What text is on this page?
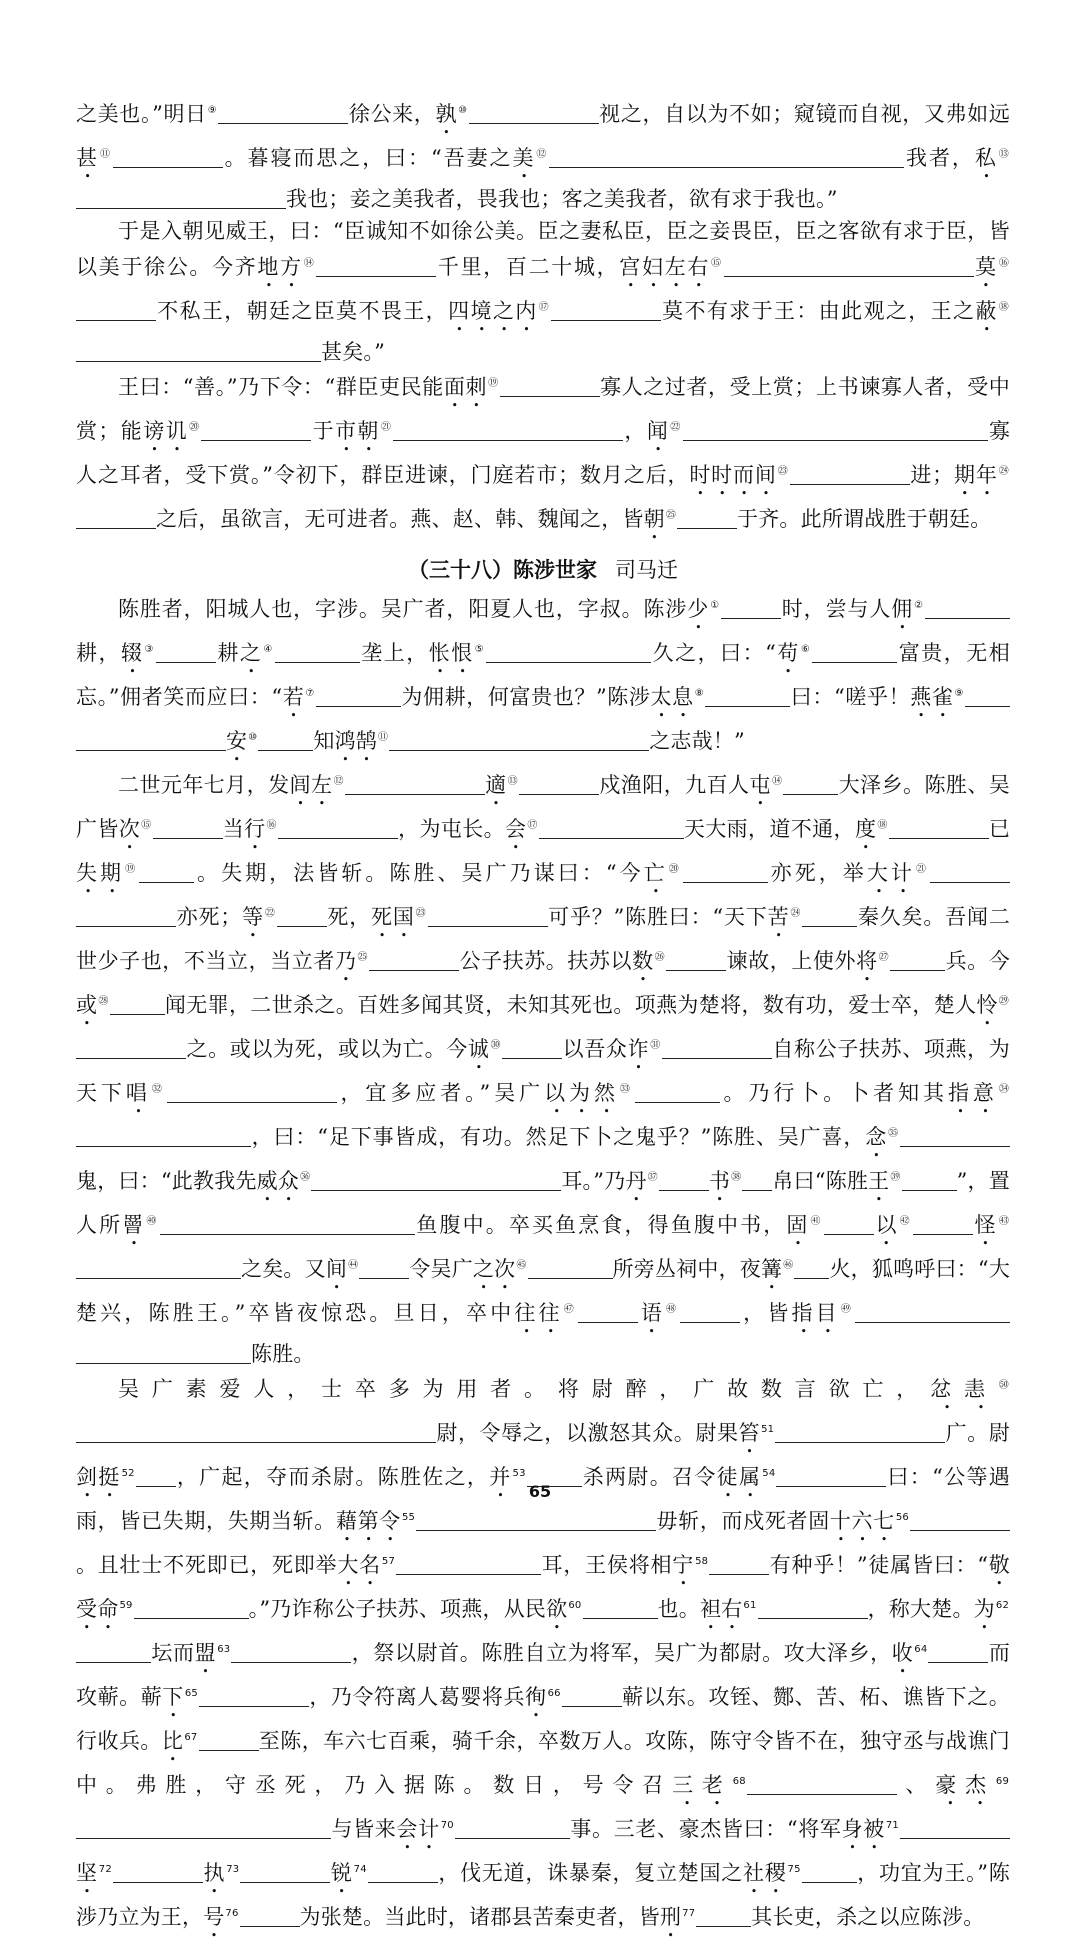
之美也。”明日⑨	徐公来，孰⑩	视之，自以为不如；窥镜而自视，又弗如远甚⑪	。暮寝而思之，曰：“吾妻之美⑫	我者，私⑬我也；妾之美我者，畏我也；客之美我者，欲有求于我也。”

于是入朝见威王，曰：“臣诚知不如徐公美。臣之妻私臣，臣之妾畏臣，臣之客欲有求于臣，皆以美于徐公。今齐地方⑭	千里，百二十城，宫妇左右⑮	莫⑯不私王，朝廷之臣莫不畏王，四境之内⑰	莫不有求于王：由此观之，王之蔽⑱甚矣。”

王曰：“善。”乃下令：“群臣吏民能面刺⑲	寡人之过者，受上赏；上书谏寡人者，受中赏；能谤讥⑳	于市朝$^㉑$	，闻$^㉒$	寡人之耳者，受下赏。”令初下，群臣进谏，门庭若市；数月之后，时时而间$^㉓$	进；期年$^㉔$之后，虽欲言，无可进者。燕、赵、韩、魏闻之，皆朝$^㉕$	于齐。此所谓战胜于朝廷。

（三十八）陈涉世家 司马迁

陈胜者，阳城人也，字涉。吴广者，阳夏人也，字叔。陈涉少①	时，尝与人佣②耕，辍③	耕之④	垄上，怅恨⑤	久之，曰：“苟⑥	富贵，无相忘。”佣者笑而应曰：“若⑦	为佣耕，何富贵也？”陈涉太息⑧	曰：“嗟乎！燕雀⑨安⑩	知鸿鹄⑪	之志哉！”

二世元年七月，发闾左⑫	適⑬	戍渔阳，九百人屯⑭	大泽乡。陈胜、吴广皆次⑮	当行⑯	，为屯长。会⑰	天大雨，道不通，度⑱	已失期⑲	。失期，法皆斩。陈胜、吴广乃谋曰：“今亡⑳	亦死，举大计$^㉑$亦死；等$^㉒$ 死，死国$^㉓$	可乎？”陈胜曰：“天下苦$^㉔$	秦久矣。吾闻二世少子也，不当立，当立者乃$^㉕$	公子扶苏。扶苏以数$^㉖$	谏故，上使外将$^㉗$	兵。今或$^㉘$	闻无罪，二世杀之。百姓多闻其贤，未知其死也。项燕为楚将，数有功，爱士卒，楚人怜$^㉙$之。或以为死，或以为亡。今诚$^㉚$	以吾众诈$^㉛$	自称公子扶苏、项燕，为天下唱$^㉜$	，宜多应者。”吴广以为然$^㉝$	。乃行卜。卜者知其指意$^㉞$，曰：“足下事皆成，有功。然足下卜之鬼乎？”陈胜、吴广喜，念$^㉟$鬼，曰：“此教我先威众$^㊱$	耳。”乃丹$^㊲$ 书$^㊳$ 帛曰“陈胜王$^㊴$	”，置人所罾$^㊵$	鱼腹中。卒买鱼烹食，得鱼腹中书，固$^㊶$ 以$^㊷$	怪$^㊸$之矣。又间$^㊹$ 令吴广之次$^㊺$	所旁丛祠中，夜篝$^㊻$ 火，狐鸣呼曰：“大楚兴，陈胜王。”卒皆夜惊恐。旦日，卒中往往$^㊼$	语$^㊽$	，皆指目$^㊾$陈胜。

吴广素爱人，士卒多为用者。将尉醉，广故数言欲亡，忿恚$^㊿$尉，令辱之，以激怒其众。尉果笞$^{51}$	广。尉剑挺$^{52}$ ，广起，夺而杀尉。陈胜佐之，并$^{53}$	杀两尉。召令徒属$^{54}$	曰：“公等遇雨，皆已失期，失期当斩。藉第令$^{55}$	毋斩，而戍死者固十六七$^{56}$。且壮士不死即已，死即举大名$^{57}$	耳，王侯将相宁$^{58}$	有种乎！”徒属皆曰：“敬受命$^{59}$	。”乃诈称公子扶苏、项燕，从民欲$^{60}$	也。袒右$^{61}$	，称大楚。为$^{62}$坛而盟$^{63}$	，祭以尉首。陈胜自立为将军，吴广为都尉。攻大泽乡，收$^{64}$	而攻蕲。蕲下$^{65}$	，乃令符离人葛婴将兵徇$^{66}$	蕲以东。攻铚、酂、苦、柘、谯皆下之。行收兵。比$^{67}$	至陈，车六七百乘，骑千余，卒数万人。攻陈，陈守令皆不在，独守丞与战谯门中。弗胜，守丞死，乃入据陈。数日，号令召三老$^{68}$	、豪杰$^{69}$与皆来会计$^{70}$	事。三老、豪杰皆曰：“将军身被$^{71}$坚$^{72}$	执$^{73}$	锐$^{74}$	，伐无道，诛暴秦，复立楚国之社稷$^{75}$	，功宜为王。”陈涉乃立为王，号$^{76}$	为张楚。当此时，诸郡县苦秦吏者，皆刑$^{77}$	其长吏，杀之以应陈涉。

65
